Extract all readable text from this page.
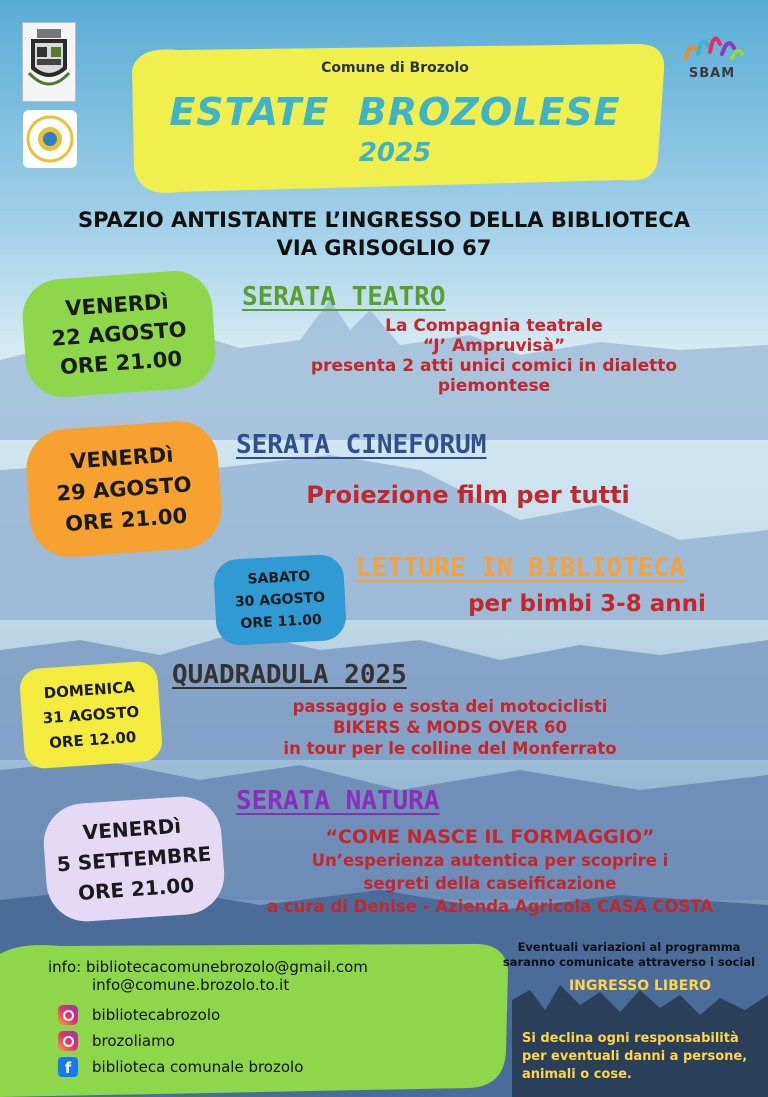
SBAM
Comune di Brozolo
ESTATE  BROZOLESE
2025
SPAZIO ANTISTANTE L’INGRESSO DELLA BIBLIOTECA
VIA GRISOGLIO 67
VENERDì
22 AGOSTO
ORE 21.00
SERATA TEATRO
La Compagnia teatrale
“J’ Ampruvisà”
presenta 2 atti unici comici in dialetto
piemontese
VENERDì
29 AGOSTO
ORE 21.00
SERATA CINEFORUM
Proiezione film per tutti
SABATO
30 AGOSTO
ORE 11.00
LETTURE IN BIBLIOTECA
per bimbi 3-8 anni
DOMENICA
31 AGOSTO
ORE 12.00
QUADRADULA 2025
passaggio e sosta dei motociclisti
BIKERS & MODS OVER 60
in tour per le colline del Monferrato
VENERDì
5 SETTEMBRE
ORE 21.00
SERATA NATURA
“COME NASCE IL FORMAGGIO”
Un’esperienza autentica per scoprire i
segreti della caseificazione
a cura di Denise - Azienda Agricola CASA COSTA
info: bibliotecacomunebrozolo@gmail.com
info@comune.brozolo.to.it
bibliotecabrozolo
brozoliamo
f	biblioteca comunale brozolo
Eventuali variazioni al programma saranno comunicate attraverso i social
INGRESSO LIBERO
Si declina ogni responsabilità per eventuali danni a persone, animali o cose.
